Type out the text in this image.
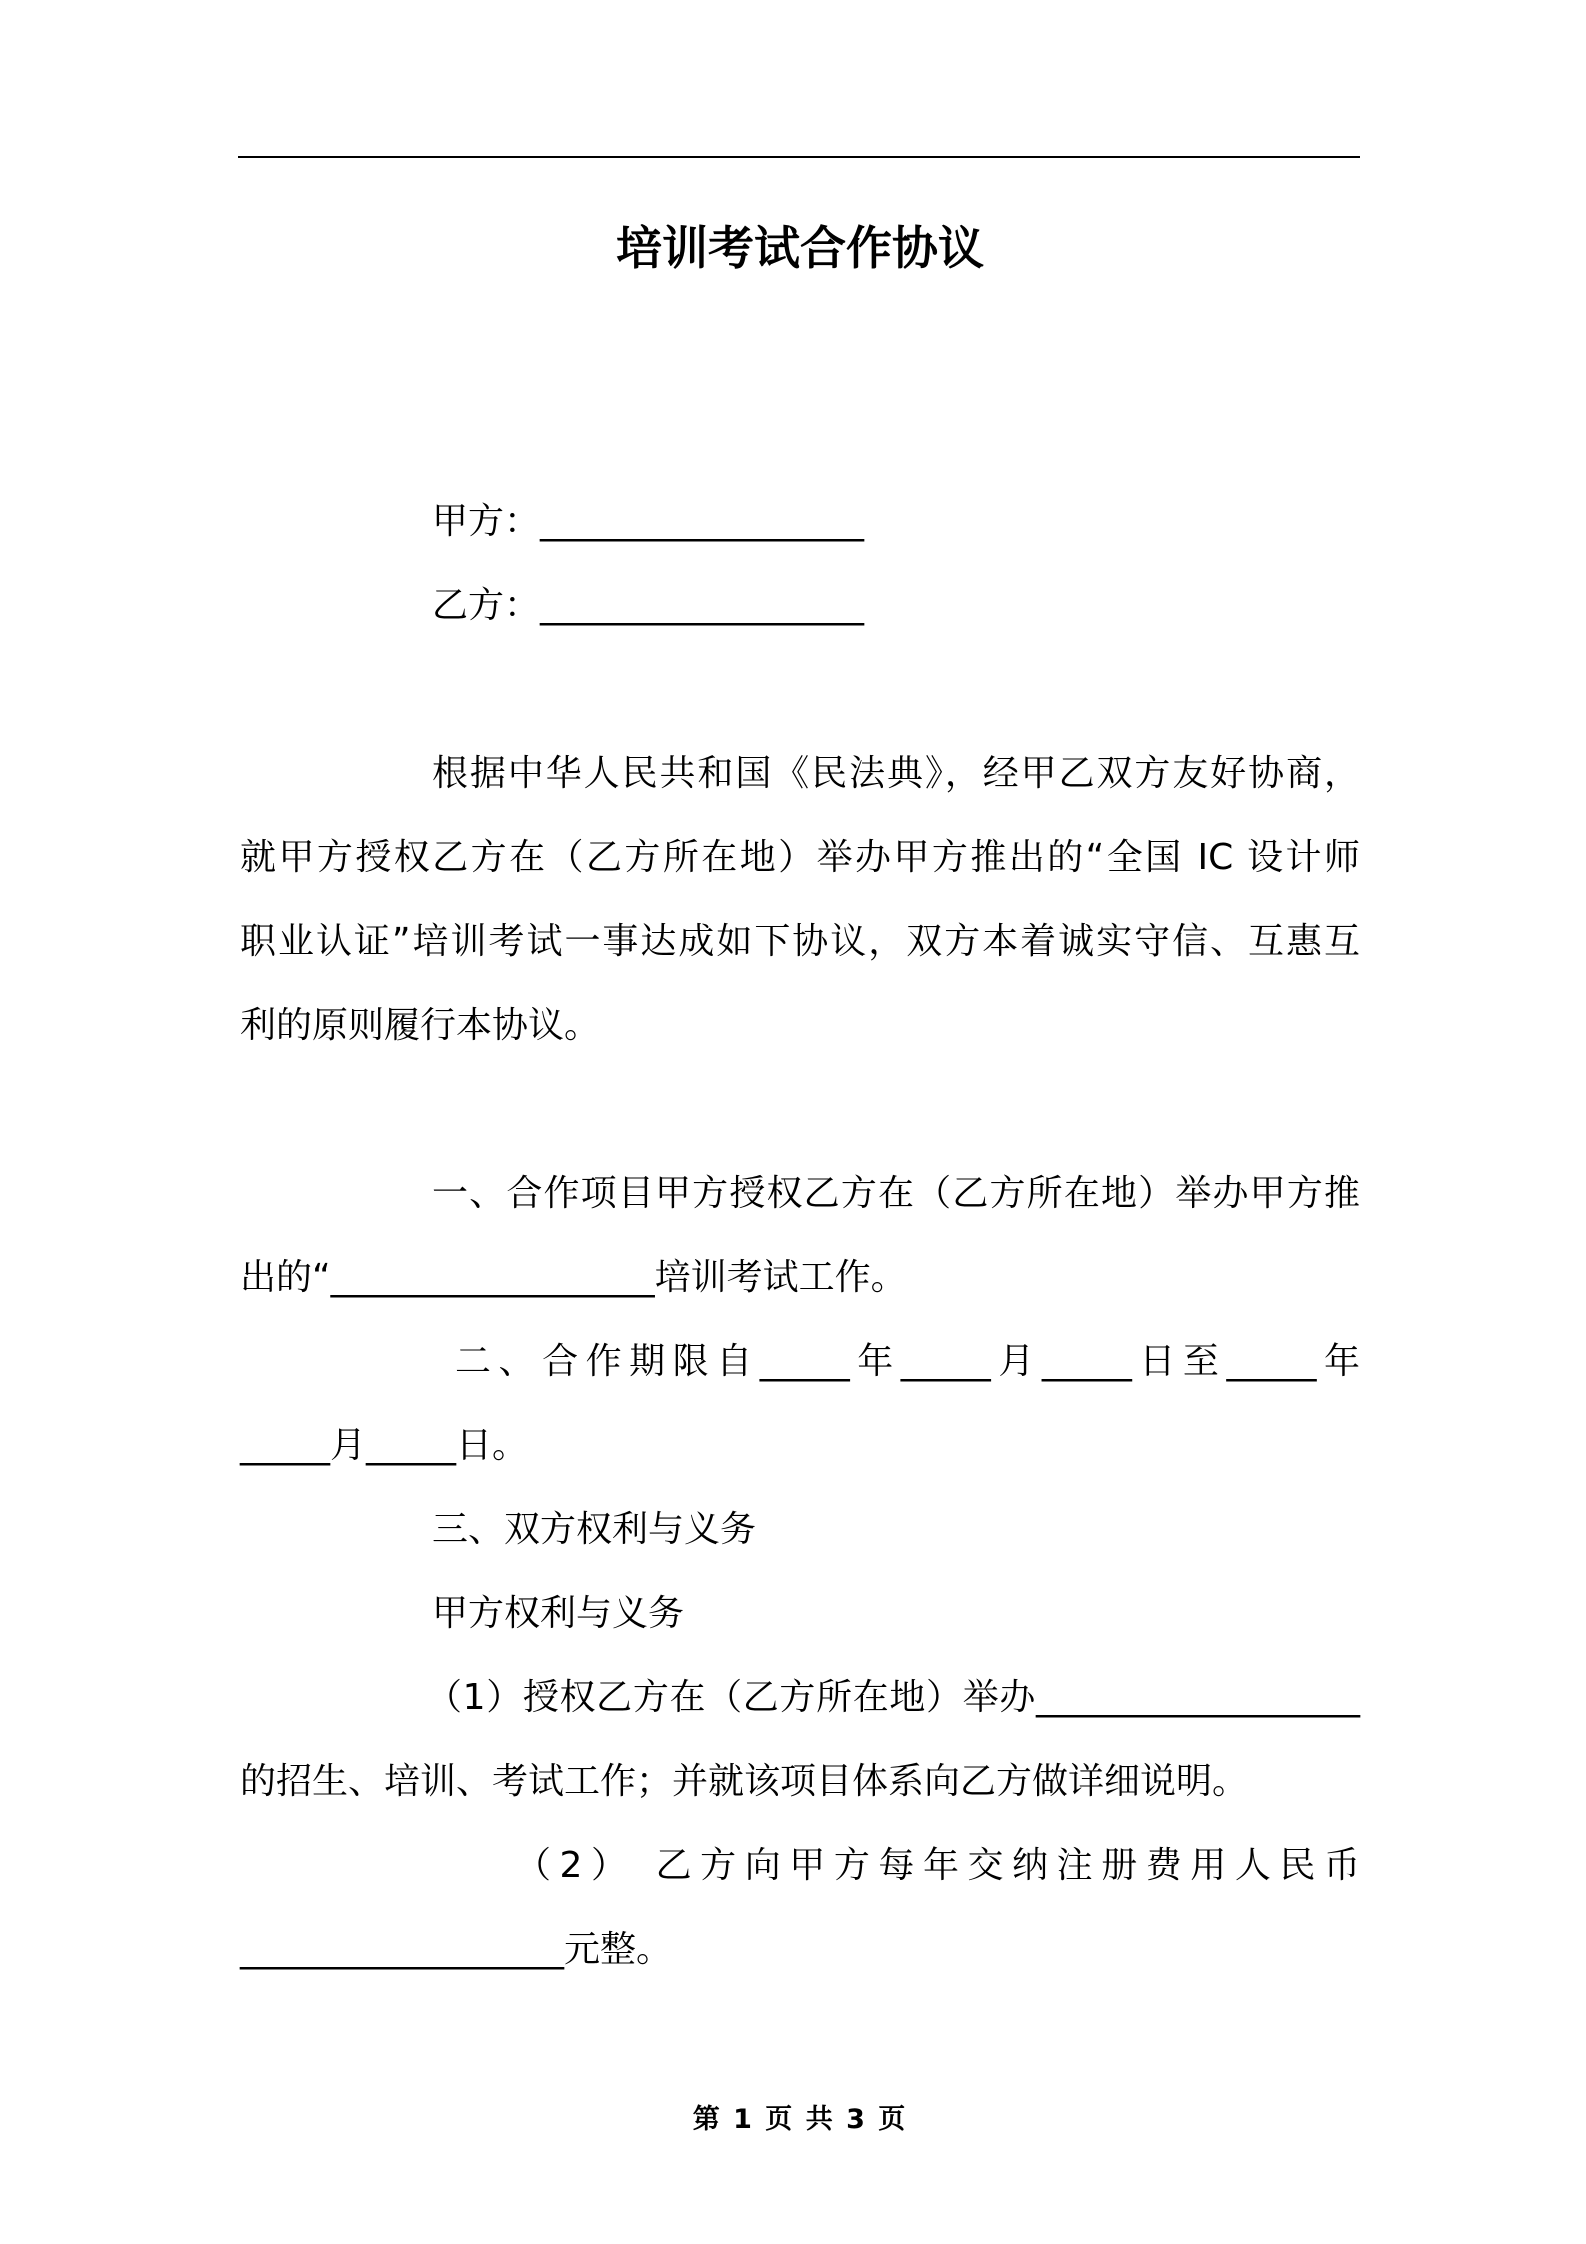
培训考试合作协议
甲方：__________________
乙方：__________________
根据中华人民共和国《民法典》，经甲乙双方友好协商，
就甲方授权乙方在（乙方所在地）举办甲方推出的“全国 IC 设计师
职业认证”培训考试一事达成如下协议，双方本着诚实守信、互惠互
利的原则履行本协议。
一、合作项目甲方授权乙方在（乙方所在地）举办甲方推
出的“__________________培训考试工作。
二、合作期限自_____年_____月_____日至_____年
_____月_____日。
三、双方权利与义务
甲方权利与义务
（1）授权乙方在（乙方所在地）举办__________________
的招生、培训、考试工作；并就该项目体系向乙方做详细说明。
（2） 乙方向甲方每年交纳注册费用人民币
__________________元整。
第 1 页 共 3 页
